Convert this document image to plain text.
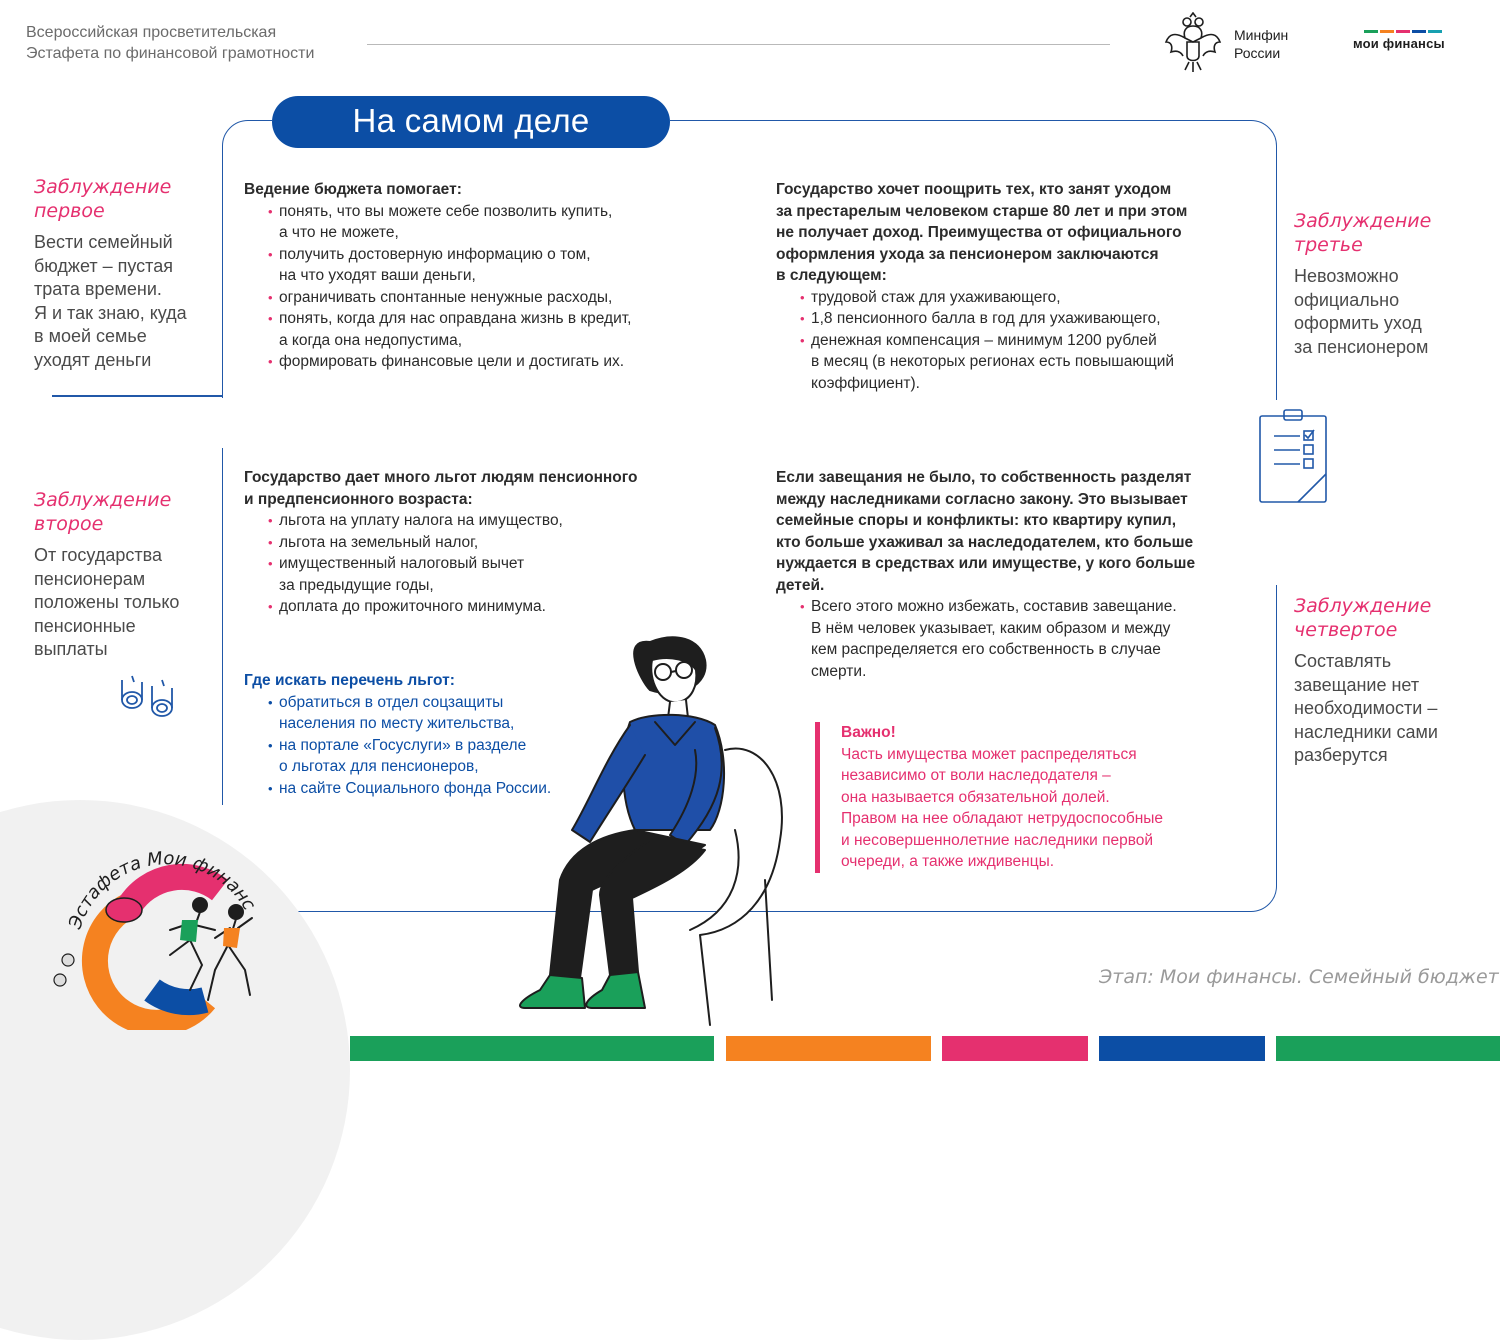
Всероссийская просветительская
Эстафета по финансовой грамотности
Минфин
России
мои финансы
На самом деле
Заблуждение
первое
Вести семейный
бюджет – пустая
трата времени.
Я и так знаю, куда
в моей семье
уходят деньги
Заблуждение
второе
От государства
пенсионерам
положены только
пенсионные
выплаты
Заблуждение
третье
Невозможно
официально
оформить уход
за пенсионером
Заблуждение
четвертое
Составлять
завещание нет
необходимости –
наследники сами
разберутся
Ведение бюджета помогает:
• понять, что вы можете себе позволить купить,
а что не можете,
• получить достоверную информацию о том,
на что уходят ваши деньги,
• ограничивать спонтанные ненужные расходы,
• понять, когда для нас оправдана жизнь в кредит,
а когда она недопустима,
• формировать финансовые цели и достигать их.
Государство дает много льгот людям пенсионного
и предпенсионного возраста:
• льгота на уплату налога на имущество,
• льгота на земельный налог,
• имущественный налоговый вычет
за предыдущие годы,
• доплата до прожиточного минимума.
Где искать перечень льгот:
• обратиться в отдел соцзащиты
населения по месту жительства,
• на портале «Госуслуги» в разделе
о льготах для пенсионеров,
• на сайте Социального фонда России.
Государство хочет поощрить тех, кто занят уходом
за престарелым человеком старше 80 лет и при этом
не получает доход. Преимущества от официального
оформления ухода за пенсионером заключаются
в следующем:
• трудовой стаж для ухаживающего,
• 1,8 пенсионного балла в год для ухаживающего,
• денежная компенсация – минимум 1200 рублей
в месяц (в некоторых регионах есть повышающий
коэффициент).
Если завещания не было, то собственность разделят
между наследниками согласно закону. Это вызывает
семейные споры и конфликты: кто квартиру купил,
кто больше ухаживал за наследодателем, кто больше
нуждается в средствах или имуществе, у кого больше
детей.
• Всего этого можно избежать, составив завещание.
В нём человек указывает, каким образом и между
кем распределяется его собственность в случае
смерти.
Важно!
Часть имущества может распределяться
независимо от воли наследодателя –
она называется обязательной долей.
Правом на нее обладают нетрудоспособные
и несовершеннолетние наследники первой
очереди, а также иждивенцы.
Эстафета Мои финанс
Этап: Мои финансы. Семейный бюджет
